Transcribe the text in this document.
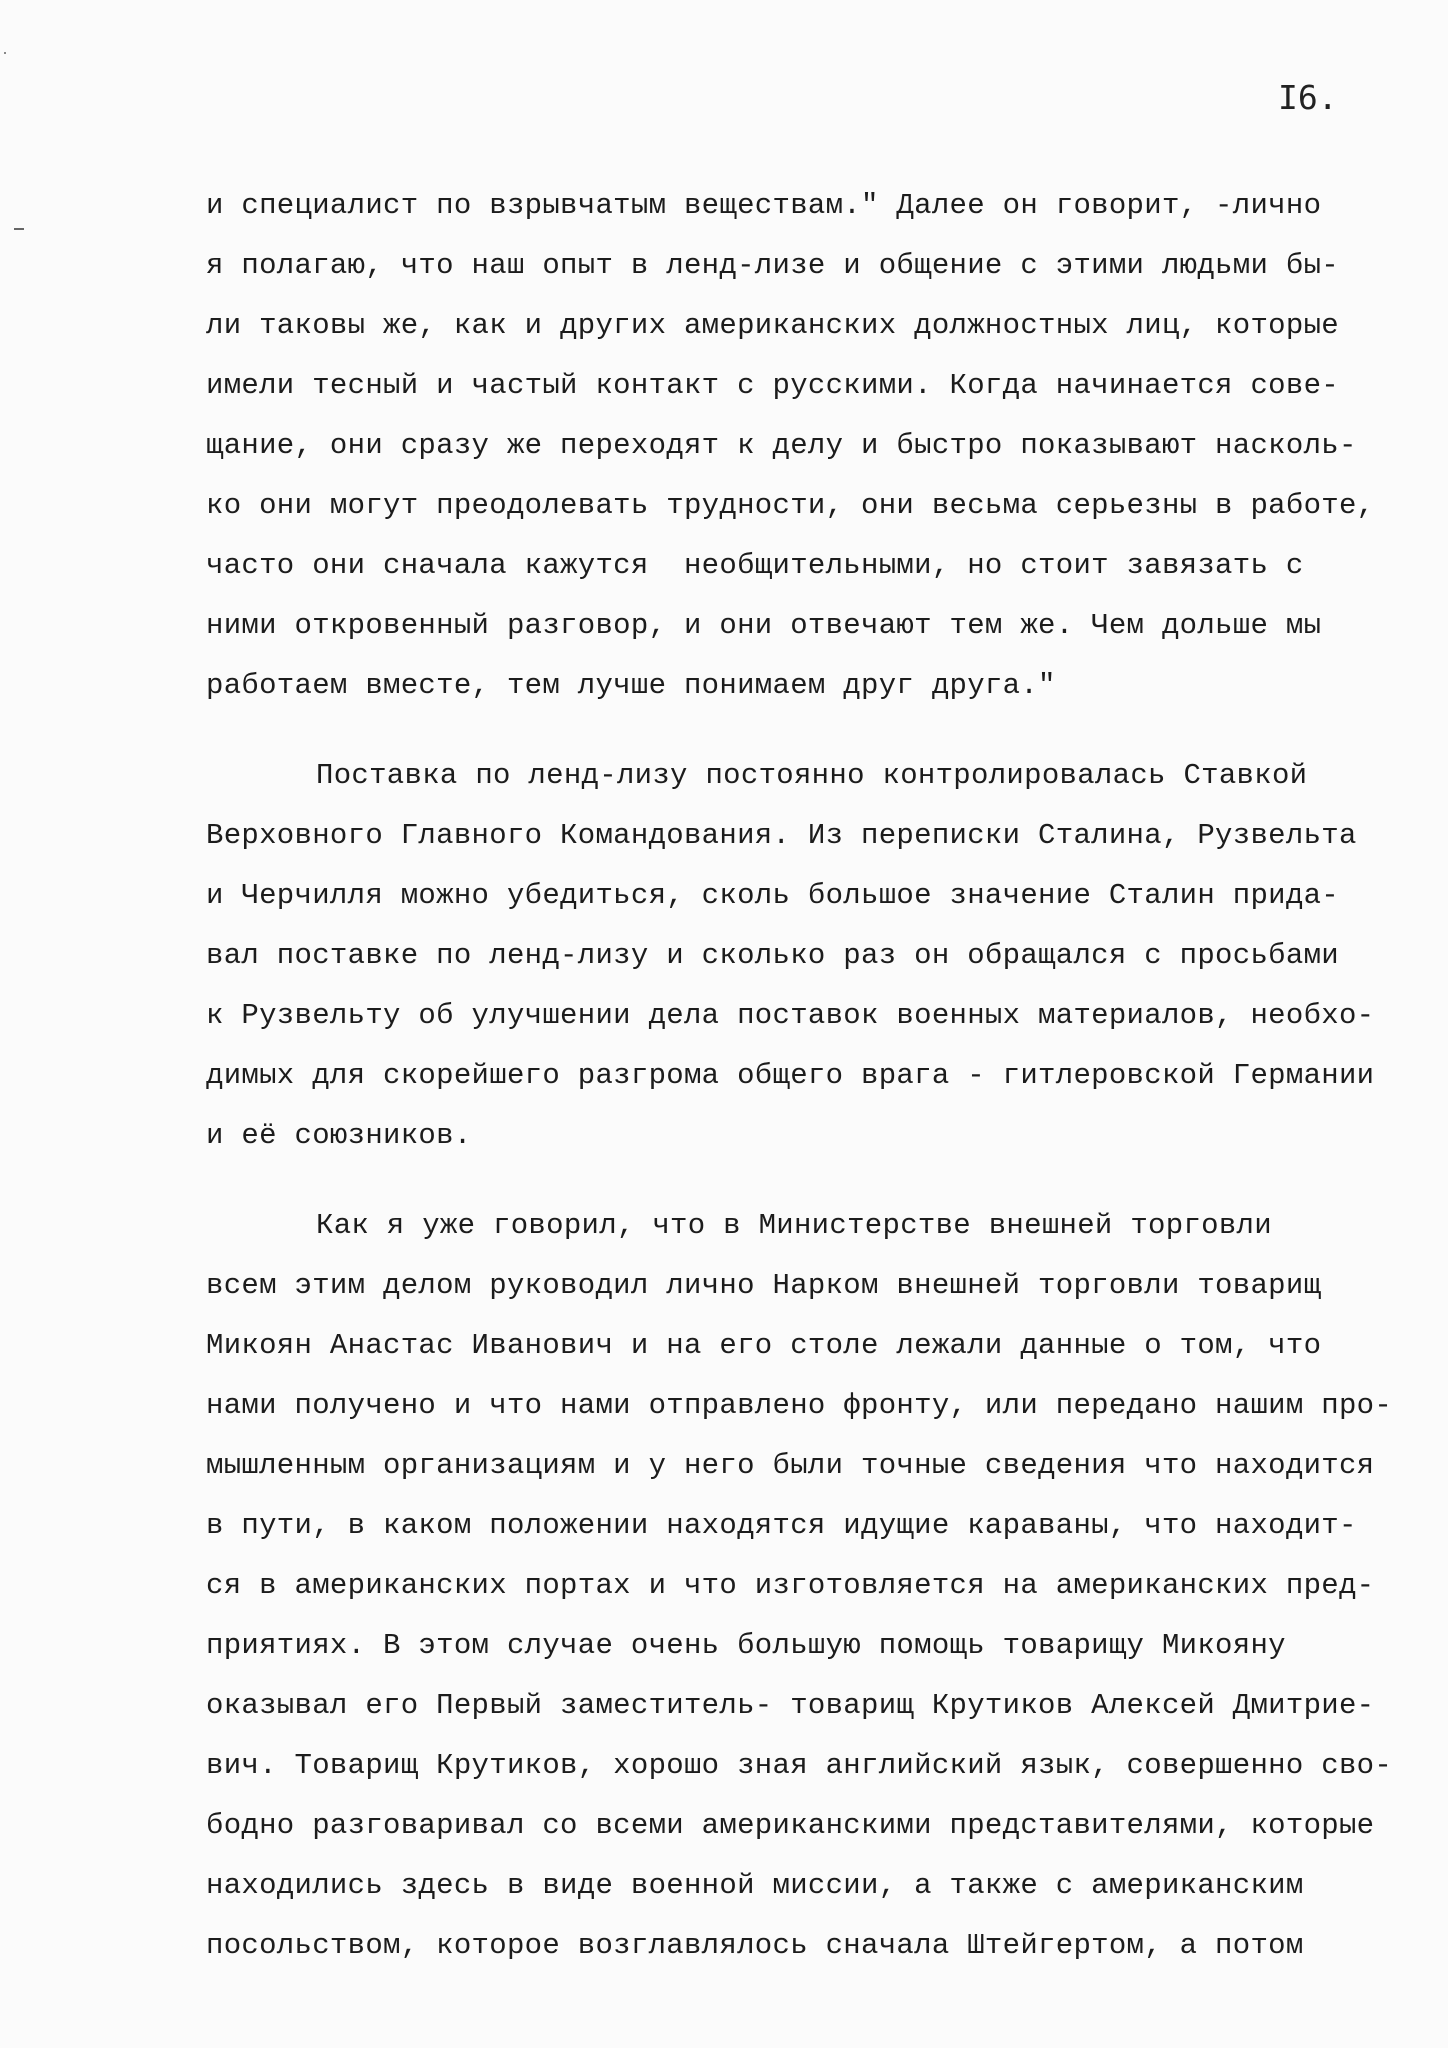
I6.
и специалист по взрывчатым веществам." Далее он говорит, -лично
я полагаю, что наш опыт в ленд-лизе и общение с этими людьми бы-
ли таковы же, как и других американских должностных лиц, которые
имели тесный и частый контакт с русскими. Когда начинается сове-
щание, они сразу же переходят к делу и быстро показывают насколь-
ко они могут преодолевать трудности, они весьма серьезны в работе,
часто они сначала кажутся  необщительными, но стоит завязать с
ними откровенный разговор, и они отвечают тем же. Чем дольше мы
работаем вместе, тем лучше понимаем друг друга."
Поставка по ленд-лизу постоянно контролировалась Ставкой
Верховного Главного Командования. Из переписки Сталина, Рузвельта
и Черчилля можно убедиться, сколь большое значение Сталин прида-
вал поставке по ленд-лизу и сколько раз он обращался с просьбами
к Рузвельту об улучшении дела поставок военных материалов, необхо-
димых для скорейшего разгрома общего врага - гитлеровской Германии
и её союзников.
Как я уже говорил, что в Министерстве внешней торговли
всем этим делом руководил лично Нарком внешней торговли товарищ
Микоян Анастас Иванович и на его столе лежали данные о том, что
нами получено и что нами отправлено фронту, или передано нашим про-
мышленным организациям и у него были точные сведения что находится
в пути, в каком положении находятся идущие караваны, что находит-
ся в американских портах и что изготовляется на американских пред-
приятиях. В этом случае очень большую помощь товарищу Микояну
оказывал его Первый заместитель- товарищ Крутиков Алексей Дмитрие-
вич. Товарищ Крутиков, хорошо зная английский язык, совершенно сво-
бодно разговаривал со всеми американскими представителями, которые
находились здесь в виде военной миссии, а также с американским
посольством, которое возглавлялось сначала Штейгертом, а потом
